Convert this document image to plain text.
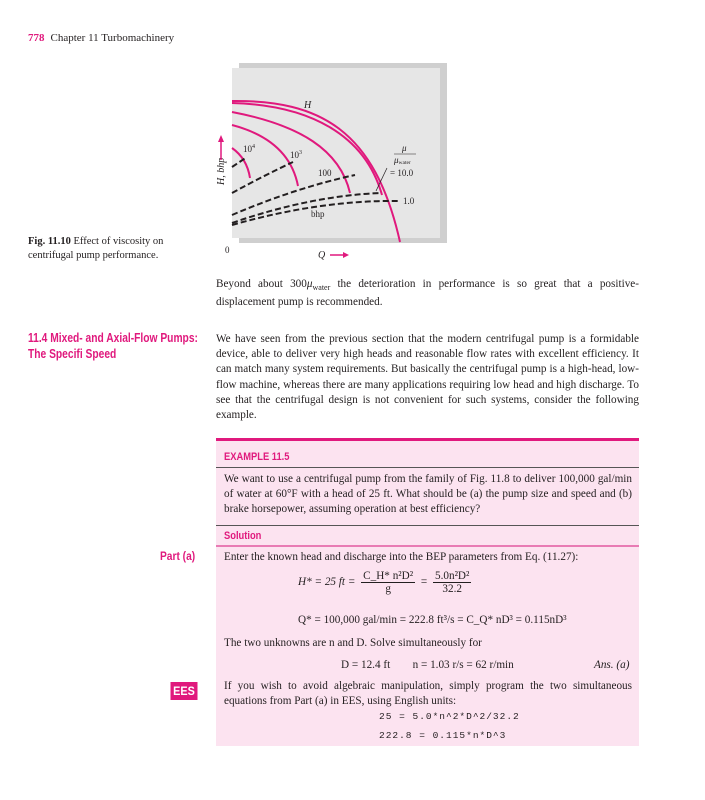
778 Chapter 11 Turbomachinery
H
$10^4$
$10^3$
100
μ
μwater
= 10.0
1.0
bhp
0	Q
H, bhp
Fig. 11.10 Effect of viscosity on centrifugal pump performance.
Beyond about $300\mu_{water}$ the deterioration in performance is so great that a positive-displacement pump is recommended.
11.4 Mixed- and Axial-Flow Pumps: The Specifi Speed
We have seen from the previous section that the modern centrifugal pump is a formidable device, able to deliver very high heads and reasonable flow rates with excellent efficiency. It can match many system requirements. But basically the centrifugal pump is a high-head, low-flow machine, whereas there are many applications requiring low head and high discharge. To see that the centrifugal design is not convenient for such systems, consider the following example.
EXAMPLE 11.5
We want to use a centrifugal pump from the family of Fig. 11.8 to deliver 100,000 gal/min of water at 60°F with a head of 25 ft. What should be (a) the pump size and speed and (b) brake horsepower, assuming operation at best efficiency?
Solution
Enter the known head and discharge into the BEP parameters from Eq. (11.27):
H* = 25 ft = $\frac{\text{C\_H* n²D²}}{g} = \frac{\text{5.0n²D²}}{32.2}$
Q* = 100,000 gal/min = 222.8 ft³/s = C_Q* nD³ = 0.115nD³
The two unknowns are n and D. Solve simultaneously for
D = 12.4 ft        n = 1.03 r/s = 62 r/min	Ans. (a)
If you wish to avoid algebraic manipulation, simply program the two simultaneous equations from Part (a) in EES, using English units:
25 = 5.0*n^2*D^2/32.2
222.8 = 0.115*n*D^3
Part (a)
EES
